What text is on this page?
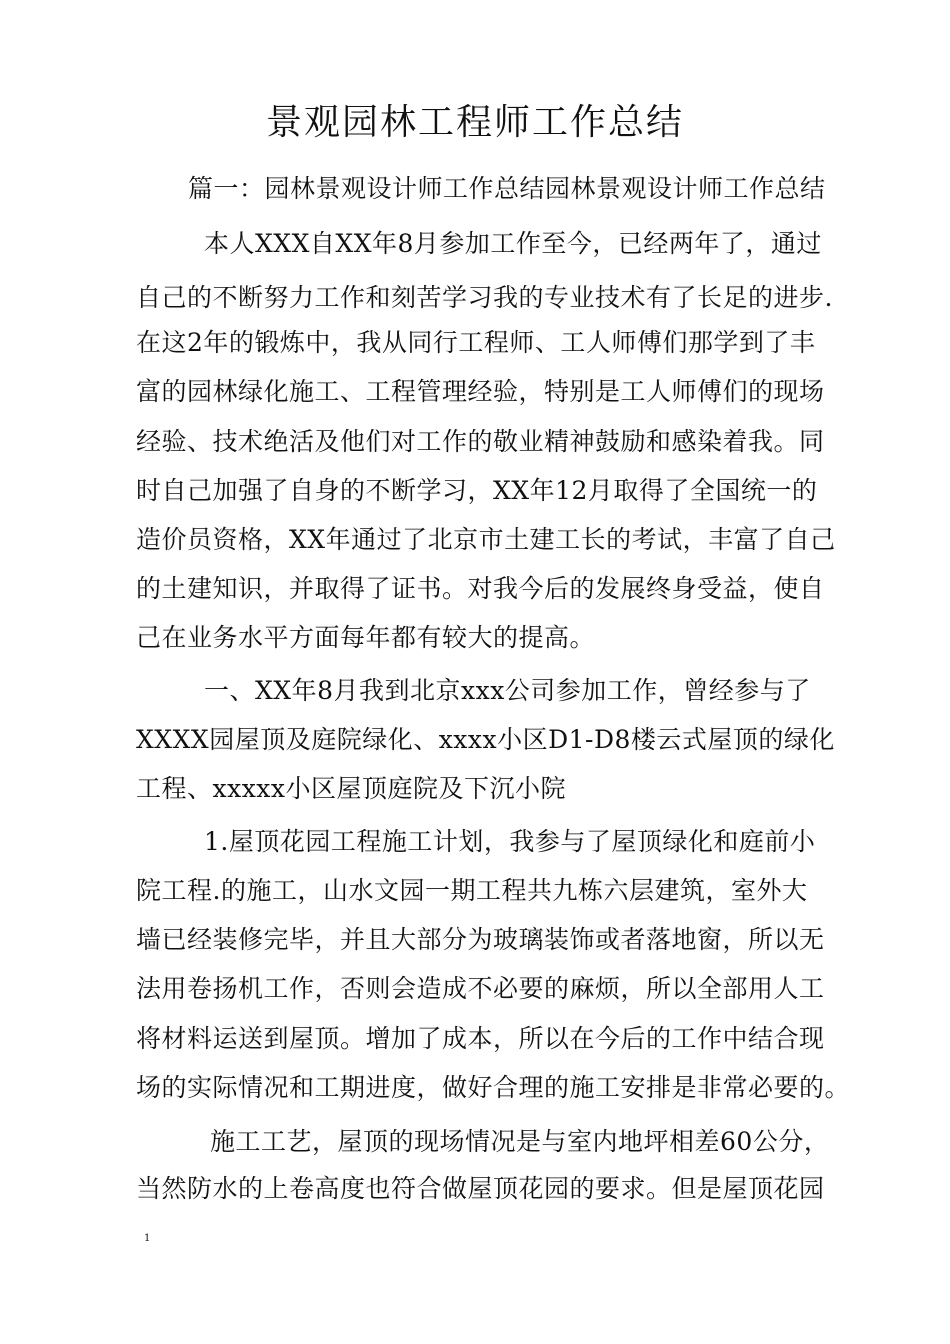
景观园林工程师工作总结
篇一：园林景观设计师工作总结园林景观设计师工作总结
本人XXX自XX年8月参加工作至今，已经两年了，通过
自己的不断努力工作和刻苦学习我的专业技术有了长足的进步.
在这2年的锻炼中，我从同行工程师、工人师傅们那学到了丰
富的园林绿化施工、工程管理经验，特别是工人师傅们的现场
经验、技术绝活及他们对工作的敬业精神鼓励和感染着我。同
时自己加强了自身的不断学习，XX年12月取得了全国统一的
造价员资格，XX年通过了北京市土建工长的考试，丰富了自己
的土建知识，并取得了证书。对我今后的发展终身受益，使自
己在业务水平方面每年都有较大的提高。
一、XX年8月我到北京xxx公司参加工作，曾经参与了
XXXX园屋顶及庭院绿化、xxxx小区D1-D8楼云式屋顶的绿化
工程、xxxxx小区屋顶庭院及下沉小院
1.屋顶花园工程施工计划，我参与了屋顶绿化和庭前小
院工程.的施工，山水文园一期工程共九栋六层建筑，室外大
墙已经装修完毕，并且大部分为玻璃装饰或者落地窗，所以无
法用卷扬机工作，否则会造成不必要的麻烦，所以全部用人工
将材料运送到屋顶。增加了成本，所以在今后的工作中结合现
场的实际情况和工期进度，做好合理的施工安排是非常必要的。
施工工艺，屋顶的现场情况是与室内地坪相差60公分，
当然防水的上卷高度也符合做屋顶花园的要求。但是屋顶花园
1
